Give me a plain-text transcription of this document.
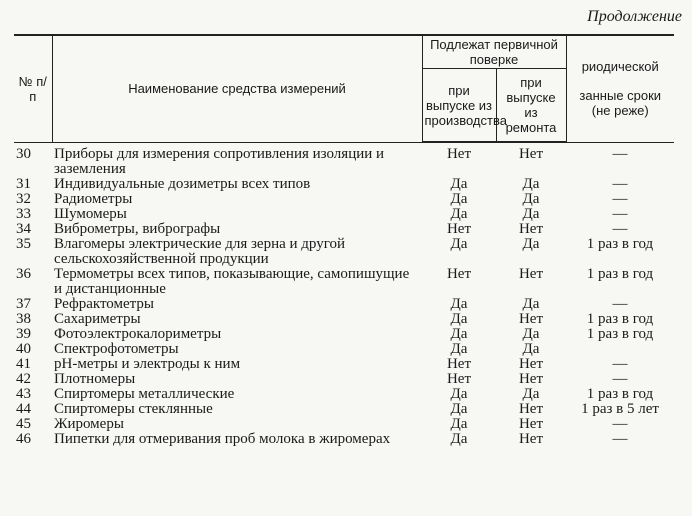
Продолжение
№ п/п	Наименование средства измерений	Подлежат первичной поверке		риодической
занные сроки (не реже)

		при выпуске из производства	при выпуске из ремонта	
30	Приборы для измерения сопротивления изоляции и заземления	Нет	Нет	—
31	Индивидуальные дозиметры всех типов	Да	Да	—
32	Радиометры	Да	Да	—
33	Шумомеры	Да	Да	—
34	Виброметры, вибрографы	Нет	Нет	—
35	Влагомеры электрические для зерна и другой сельскохозяйственной продукции	Да	Да	1 раз в год
36	Термометры всех типов, показывающие, самопишущие и дистанционные	Нет	Нет	1 раз в год
37	Рефрактометры	Да	Да	—
38	Сахариметры	Да	Нет	1 раз в год
39	Фотоэлектрокалориметры	Да	Да	1 раз в год
40	Спектрофотометры	Да	Да	
41	pH-метры и электроды к ним	Нет	Нет	—
42	Плотномеры	Нет	Нет	—
43	Спиртомеры металлические	Да	Да	1 раз в год
44	Спиртомеры стеклянные	Да	Нет	1 раз в 5 лет
45	Жиромеры	Да	Нет	—
46	Пипетки для отмеривания проб молока в жиромерах	Да	Нет	—
